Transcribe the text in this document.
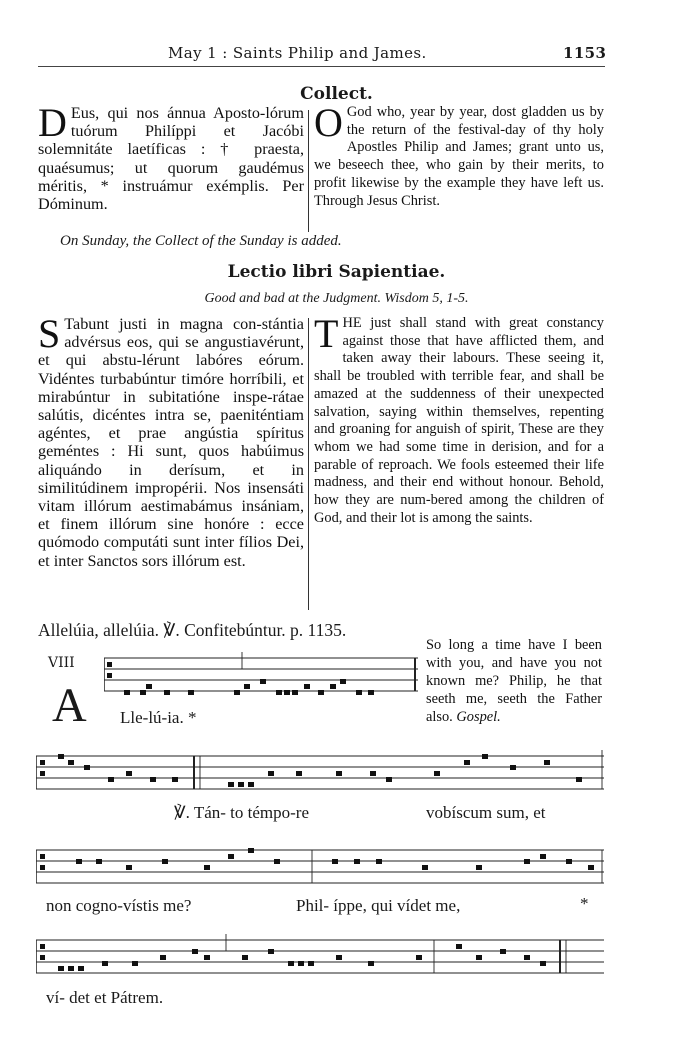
May 1 : Saints Philip and James.	1153
Collect.
D Eus, qui nos ánnua Aposto-lórum tuórum Philíppi et Jacóbi solemnitáte laetíficas : † praesta, quaésumus; ut quorum gaudémus méritis, * instruámur exémplis. Per Dóminum.
O God who, year by year, dost gladden us by the return of the festival-day of thy holy Apostles Philip and James; grant unto us, we beseech thee, who gain by their merits, to profit likewise by the example they have left us. Through Jesus Christ.
On Sunday, the Collect of the Sunday is added.
Lectio libri Sapientiae.
Good and bad at the Judgment. Wisdom 5, 1-5.
S Tabunt justi in magna con-stántia advérsus eos, qui se angustiavérunt, et qui abstu-lérunt labóres eórum. Vidéntes turbabúntur timóre horríbili, et mirabúntur in subitatióne inspe-rátae salútis, dicéntes intra se, paeniténtiam agéntes, et prae angústia spíritus geméntes : Hi sunt, quos habúimus aliquándo in derísum, et in similitúdinem impropérii. Nos insensáti vitam illórum aestimabámus insániam, et finem illórum sine honóre : ecce quómodo computáti sunt inter fílios Dei, et inter Sanctos sors illórum est.
THE just shall stand with great constancy against those that have afflicted them, and taken away their labours. These seeing it, shall be troubled with terrible fear, and shall be amazed at the suddenness of their unexpected salvation, saying within themselves, repenting and groaning for anguish of spirit, These are they whom we had some time in derision, and for a parable of reproach. We fools esteemed their life madness, and their end without honour. Behold, how they are num-bered among the children of God, and their lot is among the saints.
Allelúia, allelúia. ℣. Confitebúntur. p. 1135.
VIII
A Lle-lú-ia. *
So long a time have I been with you, and have you not known me? Philip, he that seeth me, seeth the Father also. Gospel.
℣. Tán- to témpo-re	vobíscum sum, et
non cogno-vístis me?	Phil- íppe, qui vídet me,	*
ví- det et Pátrem.
